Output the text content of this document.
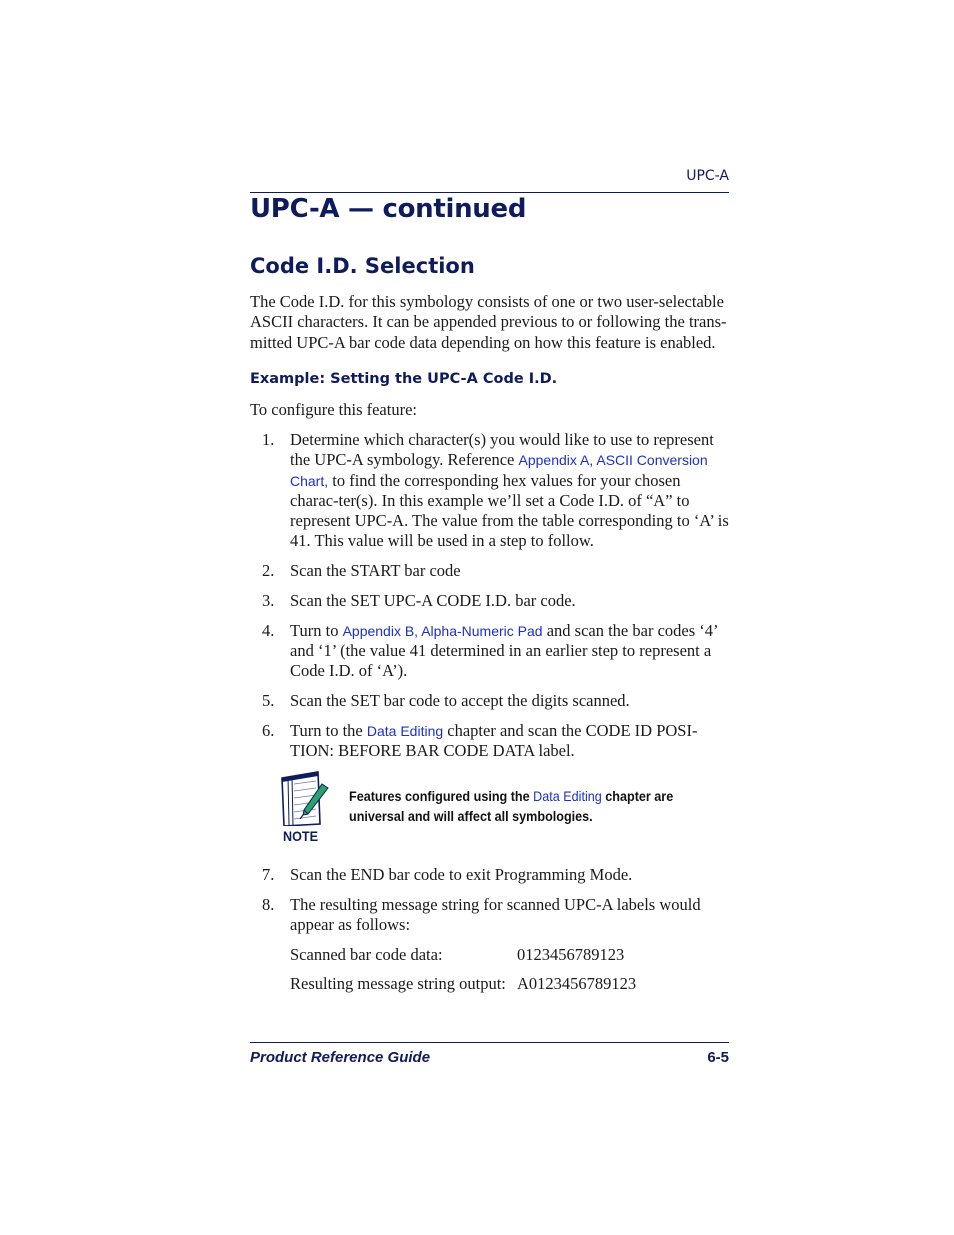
UPC-A
UPC-A — continued
Code I.D. Selection

The Code I.D. for this symbology consists of one or two user-selectable ASCII characters. It can be appended previous to or following the trans-mitted UPC-A bar code data depending on how this feature is enabled.

Example: Setting the UPC-A Code I.D.

To configure this feature:

1. Determine which character(s) you would like to use to represent the UPC-A symbology. Reference Appendix A, ASCII Conversion Chart, to find the corresponding hex values for your chosen charac-ter(s). In this example we’ll set a Code I.D. of “A” to represent UPC-A. The value from the table corresponding to ‘A’ is 41. This value will be used in a step to follow.
2. Scan the START bar code
3. Scan the SET UPC-A CODE I.D. bar code.
4. Turn to Appendix B, Alpha-Numeric Pad and scan the bar codes ‘4’ and ‘1’ (the value 41 determined in an earlier step to represent a Code I.D. of ‘A’).
5. Scan the SET bar code to accept the digits scanned.
6. Turn to the Data Editing chapter and scan the CODE ID POSI-TION: BEFORE BAR CODE DATA label.
NOTE

Features configured using the Data Editing chapter are universal and will affect all symbologies.

7. Scan the END bar code to exit Programming Mode.
8. The resulting message string for scanned UPC-A labels would appear as follows:
Scanned bar code data:	0123456789123
Resulting message string output: A0123456789123
Product Reference Guide	6-5
